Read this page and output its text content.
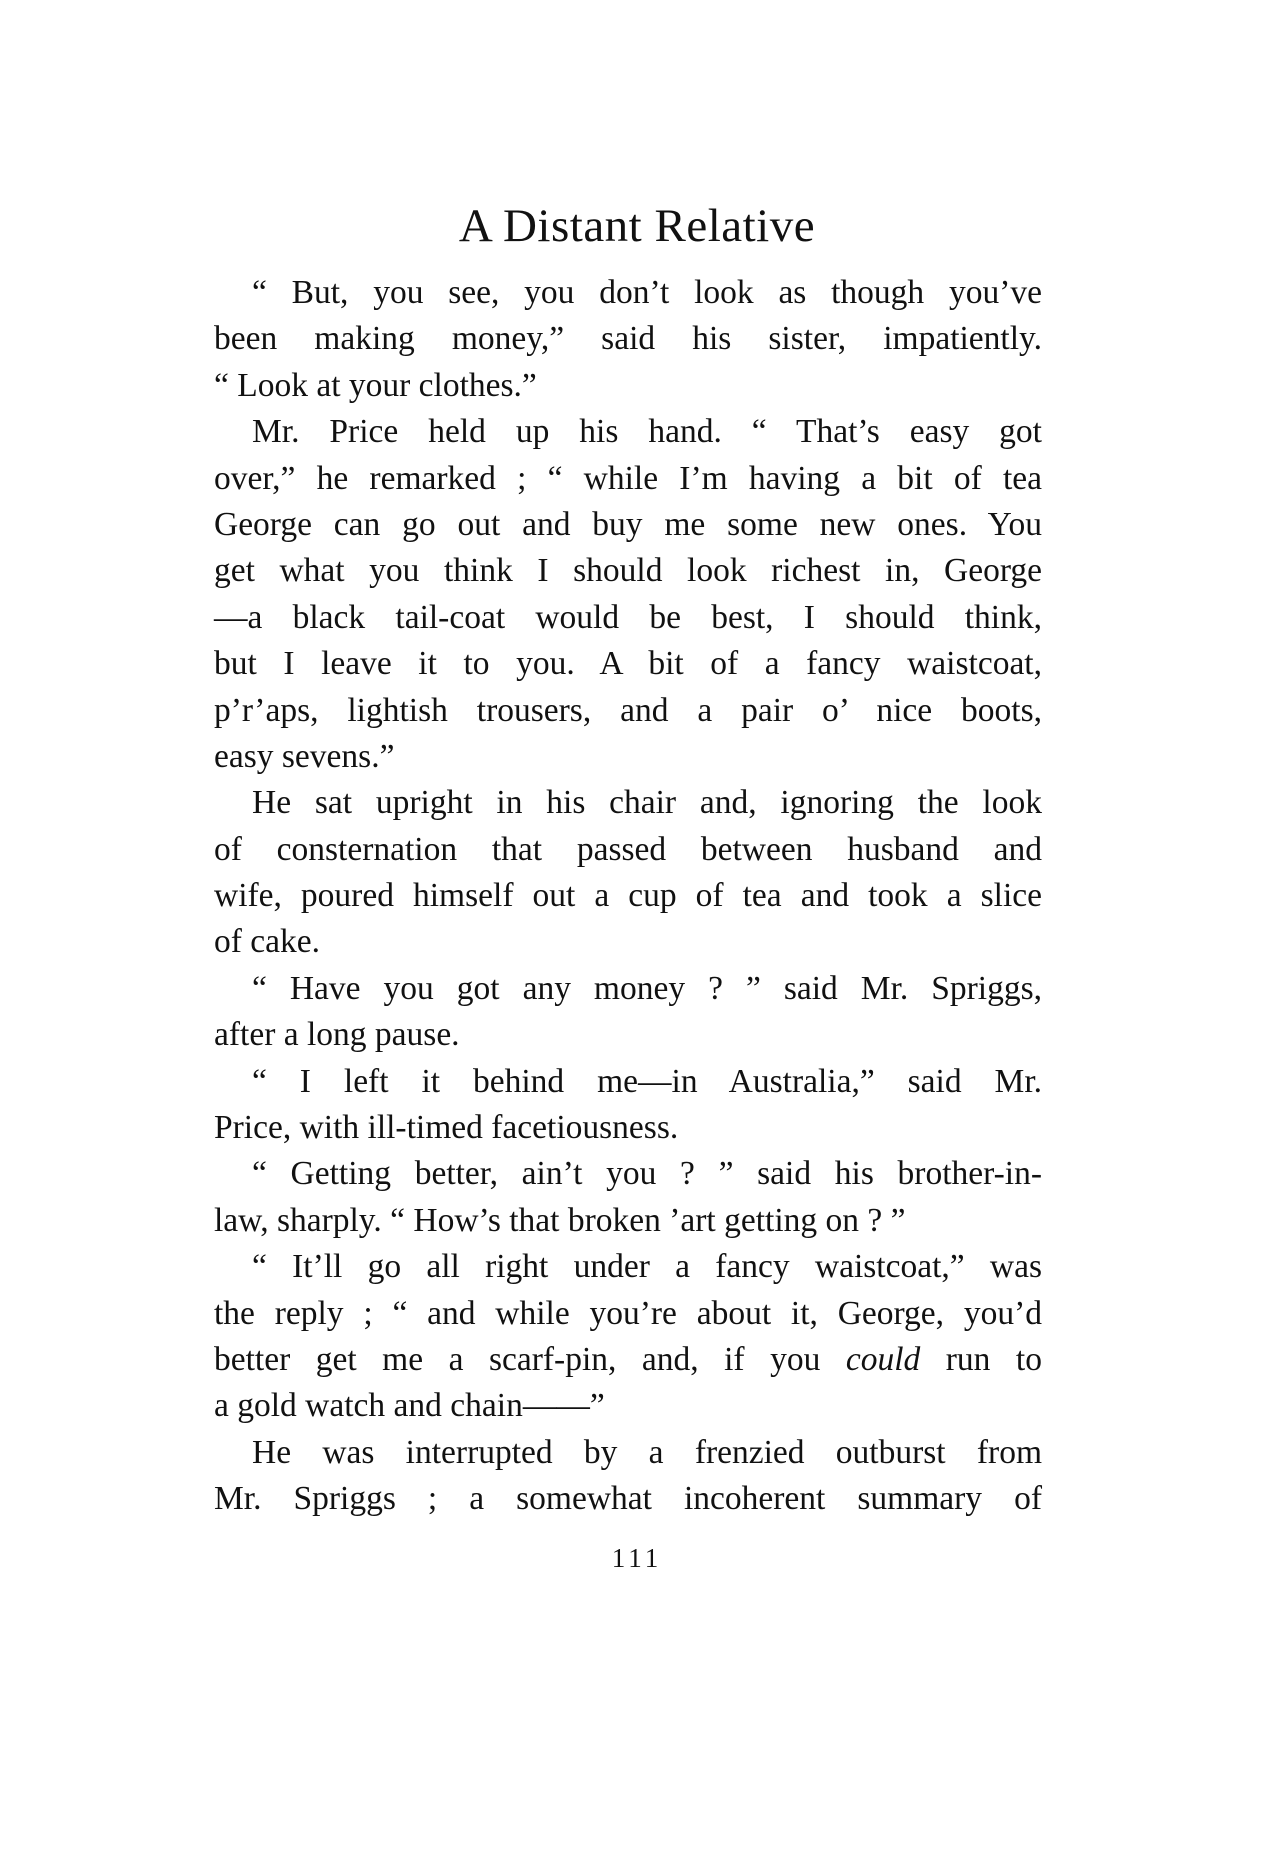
A Distant Relative

“ But, you see, you don’t look as though you’ve
been making money,” said his sister, impatiently.
“ Look at your clothes.”

Mr. Price held up his hand. “ That’s easy got
over,” he remarked ; “ while I’m having a bit of tea
George can go out and buy me some new ones. You
get what you think I should look richest in, George
—a black tail-coat would be best, I should think,
but I leave it to you. A bit of a fancy waistcoat,
p’r’aps, lightish trousers, and a pair o’ nice boots,
easy sevens.”

He sat upright in his chair and, ignoring the look
of consternation that passed between husband and
wife, poured himself out a cup of tea and took a slice
of cake.

“ Have you got any money ? ” said Mr. Spriggs,
after a long pause.

“ I left it behind me—in Australia,” said Mr.
Price, with ill-timed facetiousness.

“ Getting better, ain’t you ? ” said his brother-in-
law, sharply. “ How’s that broken ’art getting on ? ”

“ It’ll go all right under a fancy waistcoat,” was
the reply ; “ and while you’re about it, George, you’d
better get me a scarf-pin, and, if you could run to
a gold watch and chain——”

He was interrupted by a frenzied outburst from
Mr. Spriggs ; a somewhat incoherent summary of

111
